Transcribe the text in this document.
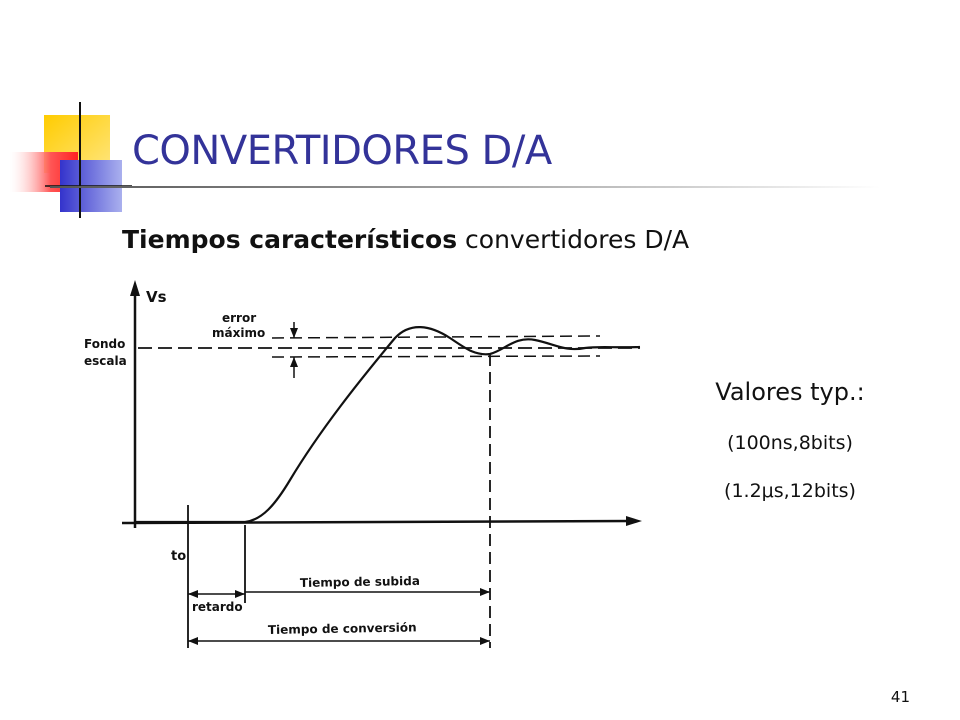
CONVERTIDORES D/A
Tiempos característicos convertidores D/A
Vs
Fondo
escala
error
máximo
to
Tiempo de subida
retardo
Tiempo de conversión
Valores typ.:
(100ns,8bits)
(1.2μs,12bits)
41
